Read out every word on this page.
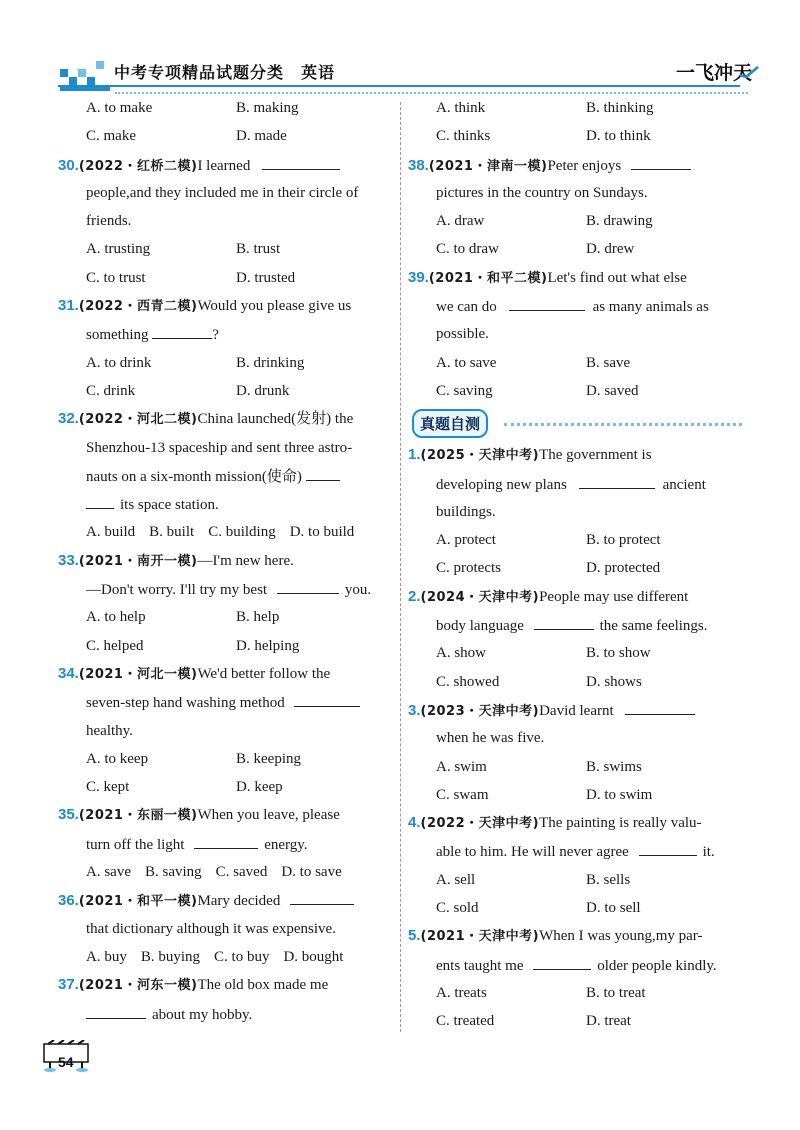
中考专项精品试题分类　英语	一飞冲天
A. to make	B. making
C. make	D. made
30.(2022・红桥二模)I learned
people,and they included me in their circle of
friends.
A. trusting	B. trust
C. to trust	D. trusted
31.(2022・西青二模)Would you please give us
something	?
A. to drink	B. drinking
C. drink	D. drunk
32.(2022・河北二模)China launched(发射) the
Shenzhou-13 spaceship and sent three astro-
nauts on a six-month mission(使命)
its space station.
A. build B. built C. building D. to build
33.(2021・南开一模)—I'm new here.
—Don't worry. I'll try my best	you.
A. to help	B. help
C. helped	D. helping
34.(2021・河北一模)We'd better follow the
seven-step hand washing method
healthy.
A. to keep	B. keeping
C. kept	D. keep
35.(2021・东丽一模)When you leave, please
turn off the light	energy.
A. save B. saving C. saved D. to save
36.(2021・和平一模)Mary decided
that dictionary although it was expensive.
A. buy B. buying C. to buy D. bought
37.(2021・河东一模)The old box made me
about my hobby.
A. think	B. thinking
C. thinks	D. to think
38.(2021・津南一模)Peter enjoys
pictures in the country on Sundays.
A. draw	B. drawing
C. to draw	D. drew
39.(2021・和平二模)Let's find out what else
we can do	as many animals as
possible.
A. to save	B. save
C. saving	D. saved
真题自测
1.(2025・天津中考)The government is
developing new plans	ancient
buildings.
A. protect	B. to protect
C. protects	D. protected
2.(2024・天津中考)People may use different
body language	the same feelings.
A. show	B. to show
C. showed	D. shows
3.(2023・天津中考)David learnt
when he was five.
A. swim	B. swims
C. swam	D. to swim
4.(2022・天津中考)The painting is really valu-
able to him. He will never agree	it.
A. sell	B. sells
C. sold	D. to sell
5.(2021・天津中考)When I was young,my par-
ents taught me	older people kindly.
A. treats	B. to treat
C. treated	D. treat
54
